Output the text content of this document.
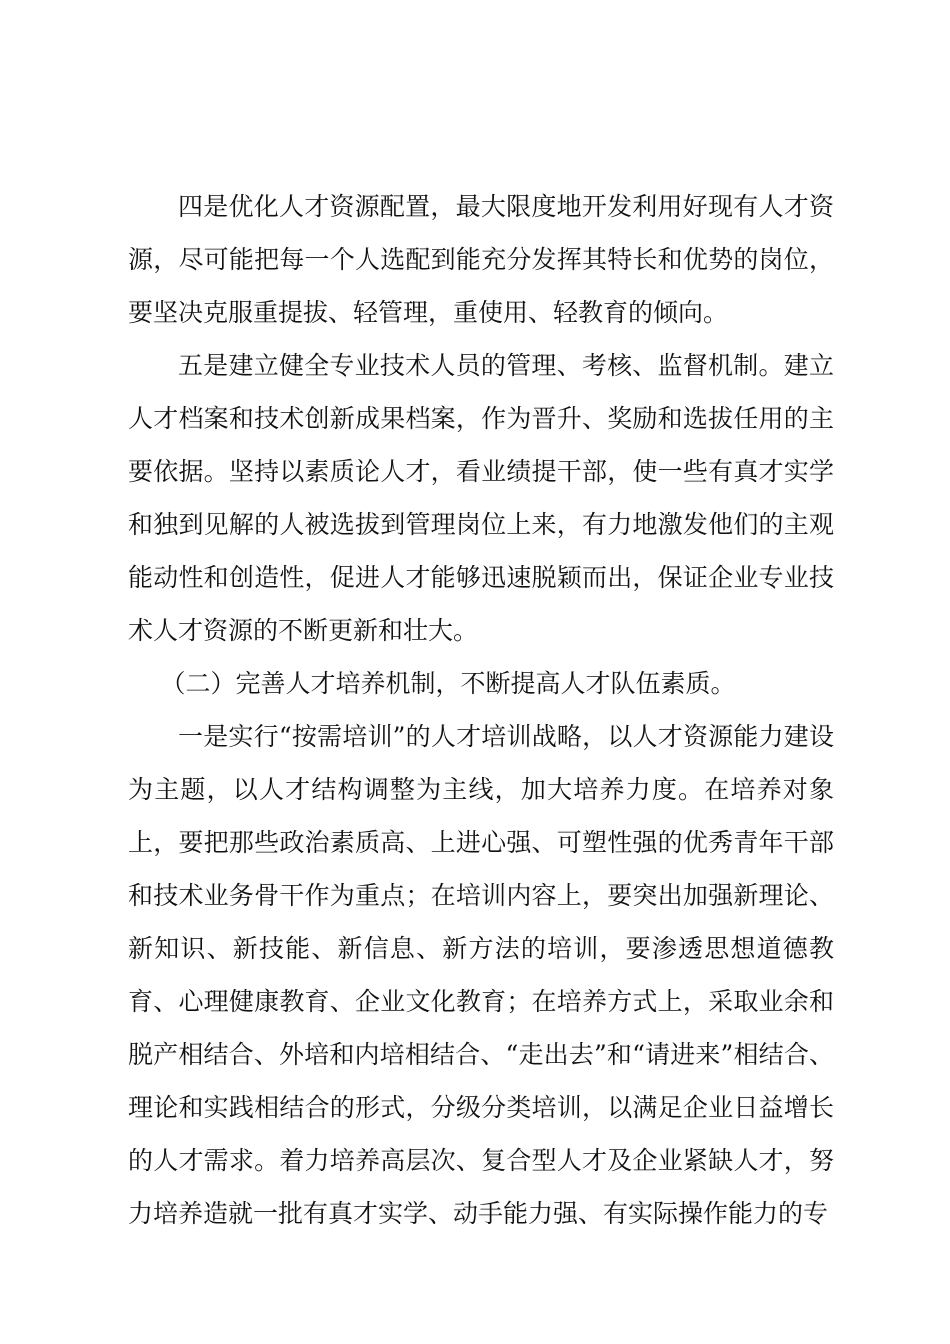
四是优化人才资源配置，最大限度地开发利用好现有人才资源，尽可能把每一个人选配到能充分发挥其特长和优势的岗位，要坚决克服重提拔、轻管理，重使用、轻教育的倾向。

五是建立健全专业技术人员的管理、考核、监督机制。建立人才档案和技术创新成果档案，作为晋升、奖励和选拔任用的主要依据。坚持以素质论人才，看业绩提干部，使一些有真才实学和独到见解的人被选拔到管理岗位上来，有力地激发他们的主观能动性和创造性，促进人才能够迅速脱颖而出，保证企业专业技术人才资源的不断更新和壮大。

（二）完善人才培养机制，不断提高人才队伍素质。

一是实行“按需培训”的人才培训战略，以人才资源能力建设为主题，以人才结构调整为主线，加大培养力度。在培养对象上，要把那些政治素质高、上进心强、可塑性强的优秀青年干部和技术业务骨干作为重点；在培训内容上，要突出加强新理论、新知识、新技能、新信息、新方法的培训，要渗透思想道德教育、心理健康教育、企业文化教育；在培养方式上，采取业余和脱产相结合、外培和内培相结合、“走出去”和“请进来”相结合、理论和实践相结合的形式，分级分类培训，以满足企业日益增长的人才需求。着力培养高层次、复合型人才及企业紧缺人才，努力培养造就一批有真才实学、动手能力强、有实际操作能力的专
